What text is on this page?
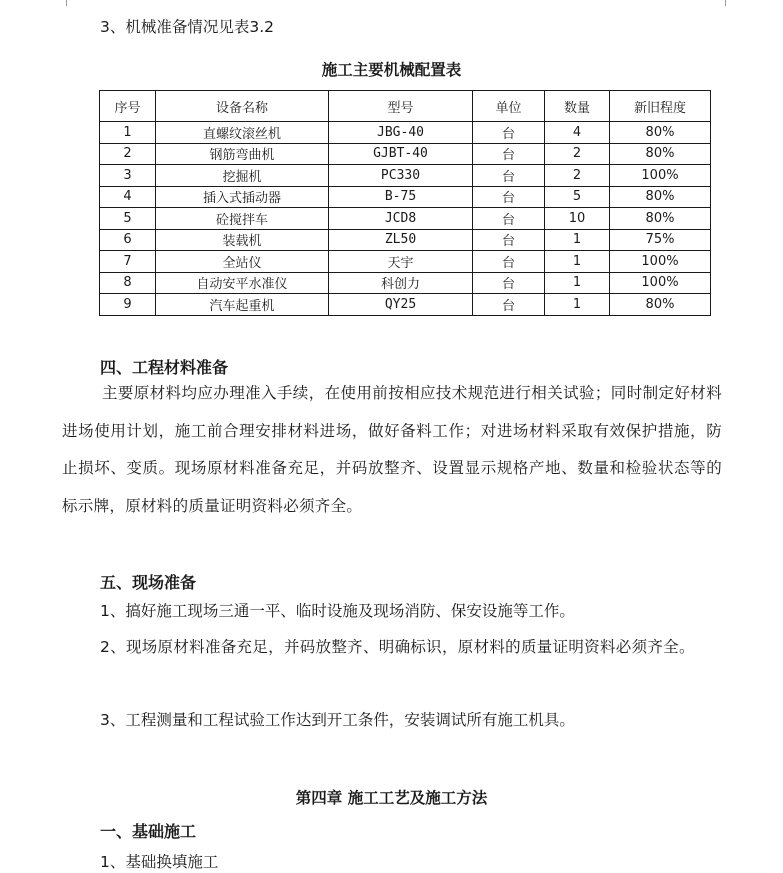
3、机械准备情况见表3.2
施工主要机械配置表
序号	设备名称	型号	单位	数量	新旧程度
1	直螺纹滚丝机	JBG-40	台	4	80%
2	钢筋弯曲机	GJBT-40	台	2	80%
3	挖掘机	PC330	台	2	100%
4	插入式插动器	B-75	台	5	80%
5	砼搅拌车	JCD8	台	10	80%
6	装载机	ZL50	台	1	75%
7	全站仪	天宇	台	1	100%
8	自动安平水准仪	科创力	台	1	100%
9	汽车起重机	QY25	台	1	80%
四、工程材料准备
主要原材料均应办理准入手续，在使用前按相应技术规范进行相关试验；同时制定好材料进场使用计划，施工前合理安排材料进场，做好备料工作；对进场材料采取有效保护措施，防止损坏、变质。现场原材料准备充足，并码放整齐、设置显示规格产地、数量和检验状态等的标示牌，原材料的质量证明资料必须齐全。
五、现场准备
1、搞好施工现场三通一平、临时设施及现场消防、保安设施等工作。
2、现场原材料准备充足，并码放整齐、明确标识，原材料的质量证明资料必须齐全。
3、工程测量和工程试验工作达到开工条件，安装调试所有施工机具。
第四章 施工工艺及施工方法
一、基础施工
1、基础换填施工
